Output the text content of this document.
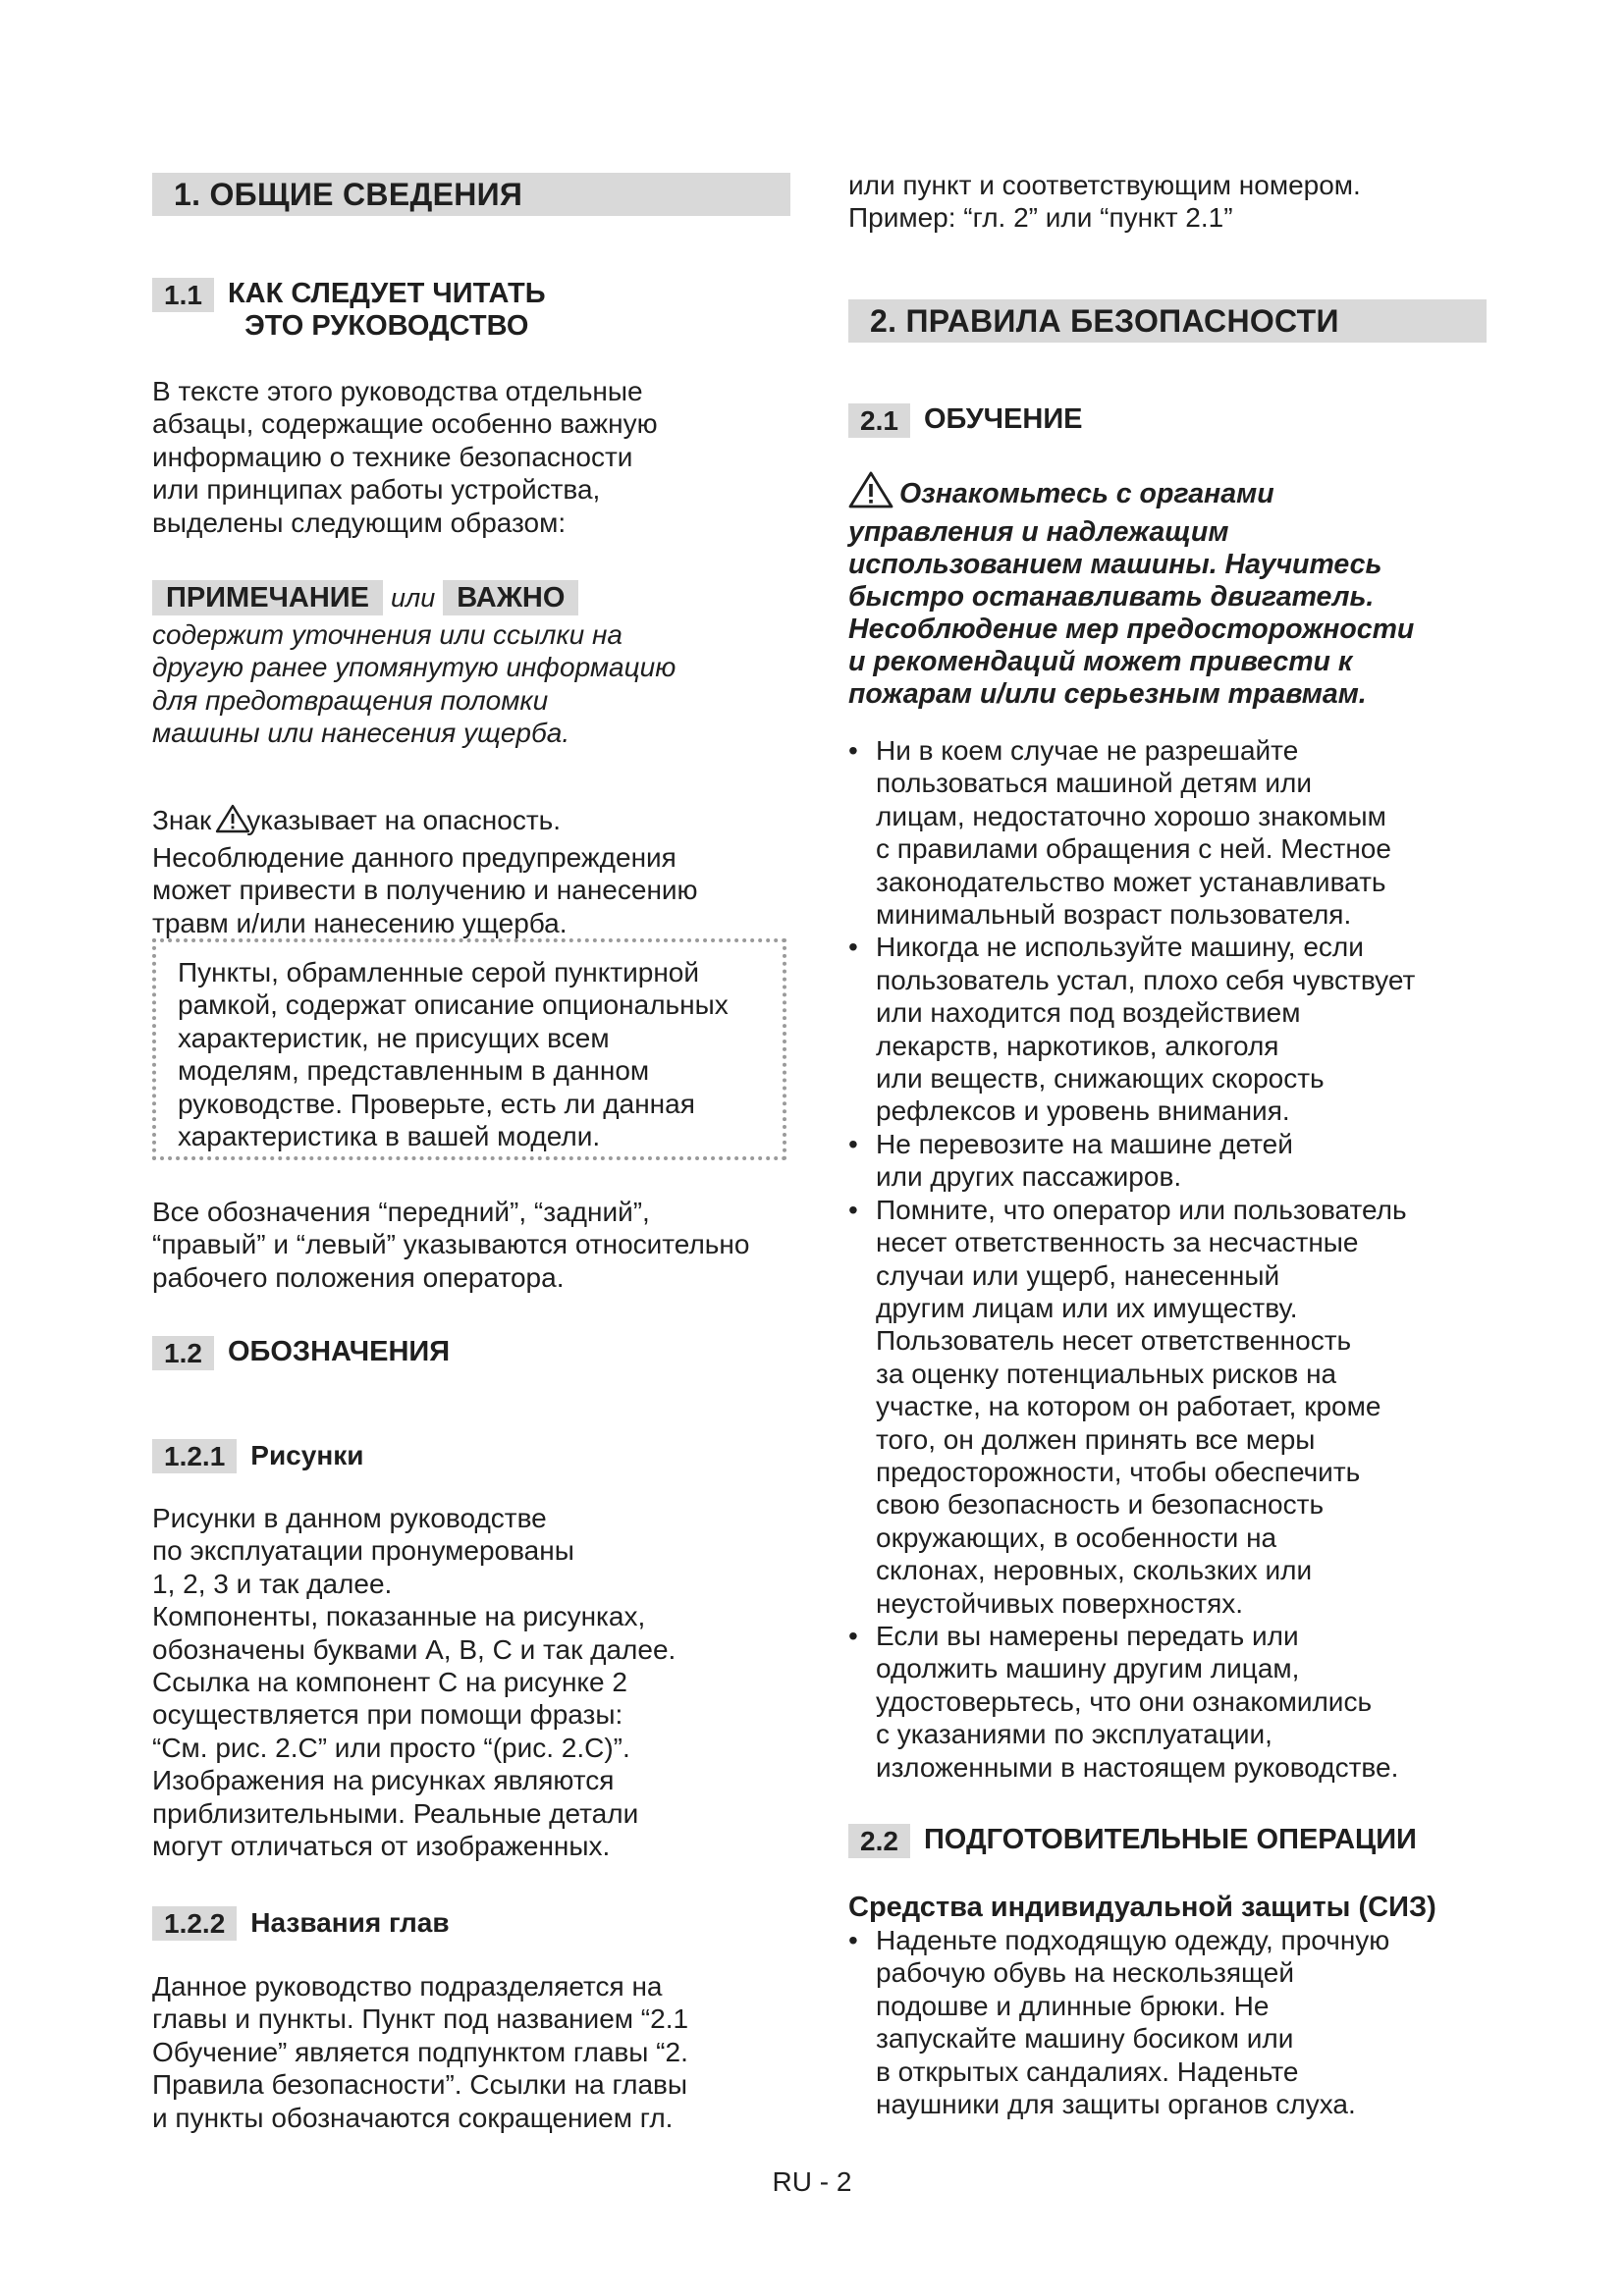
1. ОБЩИЕ СВЕДЕНИЯ
1.1 КАК СЛЕДУЕТ ЧИТАТЬ
ЭТО РУКОВОДСТВО

В тексте этого руководства отдельные
абзацы, содержащие особенно важную
информацию о технике безопасности
или принципах работы устройства,
выделены следующим образом:

ПРИМЕЧАНИЕ или ВАЖНО

содержит уточнения или ссылки на
другую ранее упомянутую информацию
для предотвращения поломки
машины или нанесения ущерба.

Знак указывает на опасность.
Несоблюдение данного предупреждения
может привести в получению и нанесению
травм и/или нанесению ущерба.

Пункты, обрамленные серой пунктирной
рамкой, содержат описание опциональных
характеристик, не присущих всем
моделям, представленным в данном
руководстве. Проверьте, есть ли данная
характеристика в вашей модели.

Все обозначения “передний”, “задний”,
“правый” и “левый” указываются относительно
рабочего положения оператора.

1.2 ОБОЗНАЧЕНИЯ
1.2.1 Рисунки

Рисунки в данном руководстве
по эксплуатации пронумерованы
1, 2, 3 и так далее.
Компоненты, показанные на рисунках,
обозначены буквами A, B, C и так далее.
Ссылка на компонент C на рисунке 2
осуществляется при помощи фразы:
“См. рис. 2.C” или просто “(рис. 2.C)”.
Изображения на рисунках являются
приблизительными. Реальные детали
могут отличаться от изображенных.

1.2.2 Названия глав

Данное руководство подразделяется на
главы и пункты. Пункт под названием “2.1
Обучение” является подпунктом главы “2.
Правила безопасности”. Ссылки на главы
и пункты обозначаются сокращением гл.

или пункт и соответствующим номером.
Пример: “гл. 2” или “пункт 2.1”

2. ПРАВИЛА БЕЗОПАСНОСТИ
2.1 ОБУЧЕНИЕ

Ознакомьтесь с органами
управления и надлежащим
использованием машины. Научитесь
быстро останавливать двигатель.
Несоблюдение мер предосторожности
и рекомендаций может привести к
пожарам и/или серьезным травмам.

• Ни в коем случае не разрешайте
пользоваться машиной детям или
лицам, недостаточно хорошо знакомым
с правилами обращения с ней. Местное
законодательство может устанавливать
минимальный возраст пользователя.
• Никогда не используйте машину, если
пользователь устал, плохо себя чувствует
или находится под воздействием
лекарств, наркотиков, алкоголя
или веществ, снижающих скорость
рефлексов и уровень внимания.
• Не перевозите на машине детей
или других пассажиров.
• Помните, что оператор или пользователь
несет ответственность за несчастные
случаи или ущерб, нанесенный
другим лицам или их имуществу.
Пользователь несет ответственность
за оценку потенциальных рисков на
участке, на котором он работает, кроме
того, он должен принять все меры
предосторожности, чтобы обеспечить
свою безопасность и безопасность
окружающих, в особенности на
склонах, неровных, скользких или
неустойчивых поверхностях.
• Если вы намерены передать или
одолжить машину другим лицам,
удостоверьтесь, что они ознакомились
с указаниями по эксплуатации,
изложенными в настоящем руководстве.
2.2 ПОДГОТОВИТЕЛЬНЫЕ ОПЕРАЦИИ
Средства индивидуальной защиты (СИЗ)
• Наденьте подходящую одежду, прочную
рабочую обувь на нескользящей
подошве и длинные брюки. Не
запускайте машину босиком или
в открытых сандалиях. Наденьте
наушники для защиты органов слуха.
RU - 2
